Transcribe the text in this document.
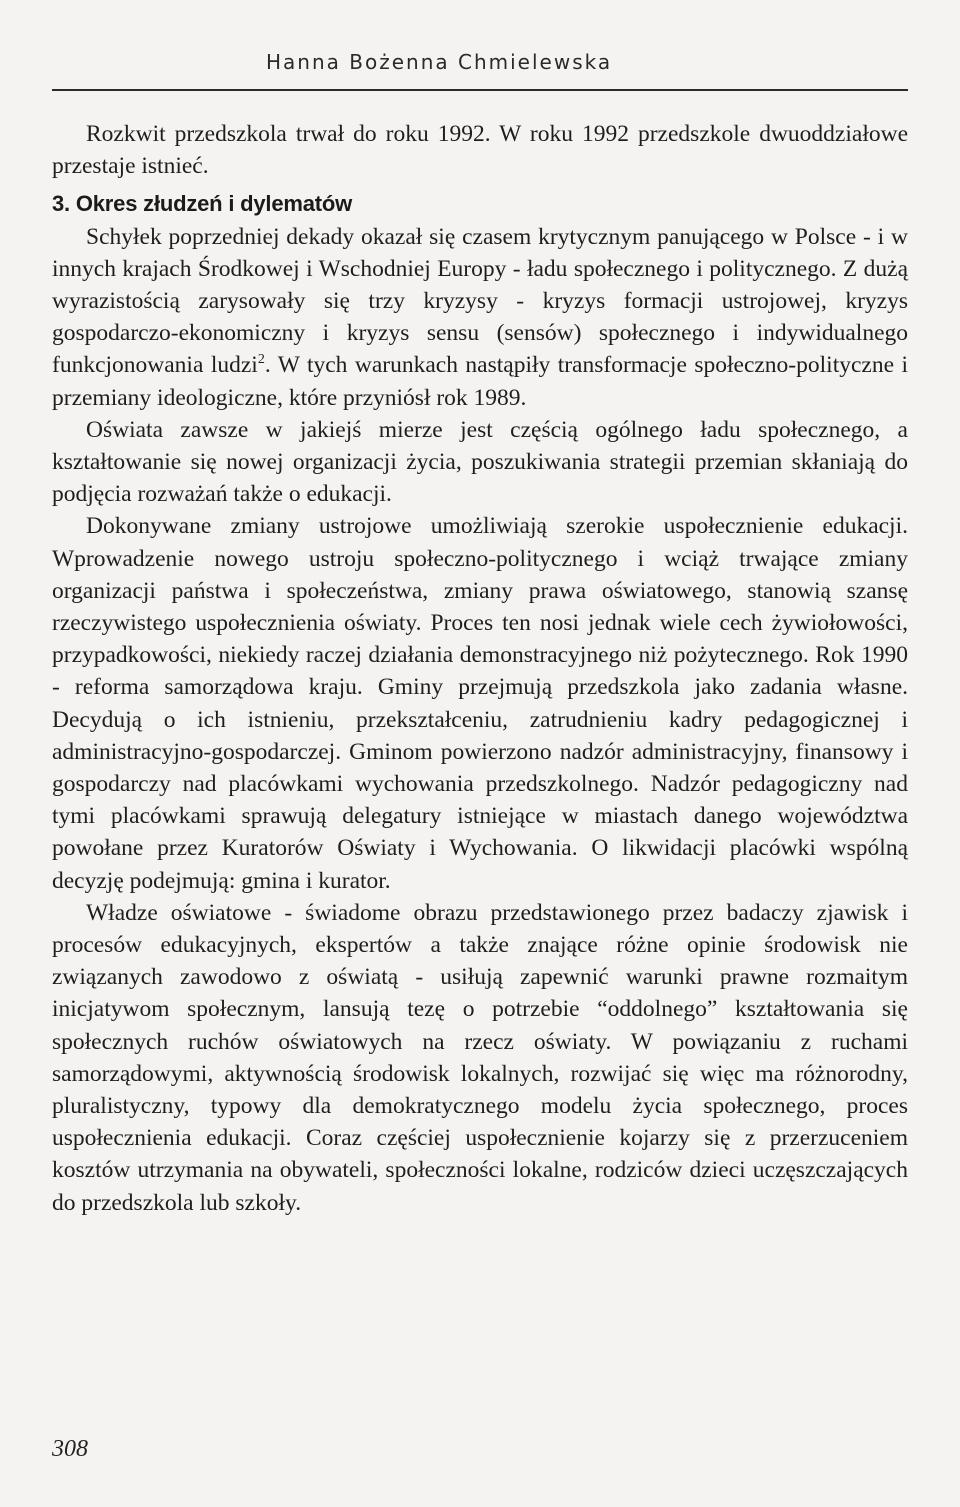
Hanna Bożenna Chmielewska

Rozkwit przedszkola trwał do roku 1992. W roku 1992 przedszkole dwuoddziałowe przestaje istnieć.

3. Okres złudzeń i dylematów

Schyłek poprzedniej dekady okazał się czasem krytycznym panującego w Polsce - i w innych krajach Środkowej i Wschodniej Europy - ładu społecznego i politycznego. Z dużą wyrazistością zarysowały się trzy kryzysy - kryzys formacji ustrojowej, kryzys gospodarczo-ekonomiczny i kryzys sensu (sensów) społecznego i indywidualnego funkcjonowania ludzi$^2$. W tych warunkach nastąpiły transformacje społeczno-polityczne i przemiany ideologiczne, które przyniósł rok 1989.

Oświata zawsze w jakiejś mierze jest częścią ogólnego ładu społecznego, a kształtowanie się nowej organizacji życia, poszukiwania strategii przemian skłaniają do podjęcia rozważań także o edukacji.

Dokonywane zmiany ustrojowe umożliwiają szerokie uspołecznienie edukacji. Wprowadzenie nowego ustroju społeczno-politycznego i wciąż trwające zmiany organizacji państwa i społeczeństwa, zmiany prawa oświatowego, stanowią szansę rzeczywistego uspołecznienia oświaty. Proces ten nosi jednak wiele cech żywiołowości, przypadkowości, niekiedy raczej działania demonstracyjnego niż pożytecznego. Rok 1990 - reforma samorządowa kraju. Gminy przejmują przedszkola jako zadania własne. Decydują o ich istnieniu, przekształceniu, zatrudnieniu kadry pedagogicznej i administracyjno-gospodarczej. Gminom powierzono nadzór administracyjny, finansowy i gospodarczy nad placówkami wychowania przedszkolnego. Nadzór pedagogiczny nad tymi placówkami sprawują delegatury istniejące w miastach danego województwa powołane przez Kuratorów Oświaty i Wychowania. O likwidacji placówki wspólną decyzję podejmują: gmina i kurator.

Władze oświatowe - świadome obrazu przedstawionego przez badaczy zjawisk i procesów edukacyjnych, ekspertów a także znające różne opinie środowisk nie związanych zawodowo z oświatą - usiłują zapewnić warunki prawne rozmaitym inicjatywom społecznym, lansują tezę o potrzebie “oddolnego” kształtowania się społecznych ruchów oświatowych na rzecz oświaty. W powiązaniu z ruchami samorządowymi, aktywnością środowisk lokalnych, rozwijać się więc ma różnorodny, pluralistyczny, typowy dla demokratycznego modelu życia społecznego, proces uspołecznienia edukacji. Coraz częściej uspołecznienie kojarzy się z przerzuceniem kosztów utrzymania na obywateli, społeczności lokalne, rodziców dzieci uczęszczających do przedszkola lub szkoły.

308
